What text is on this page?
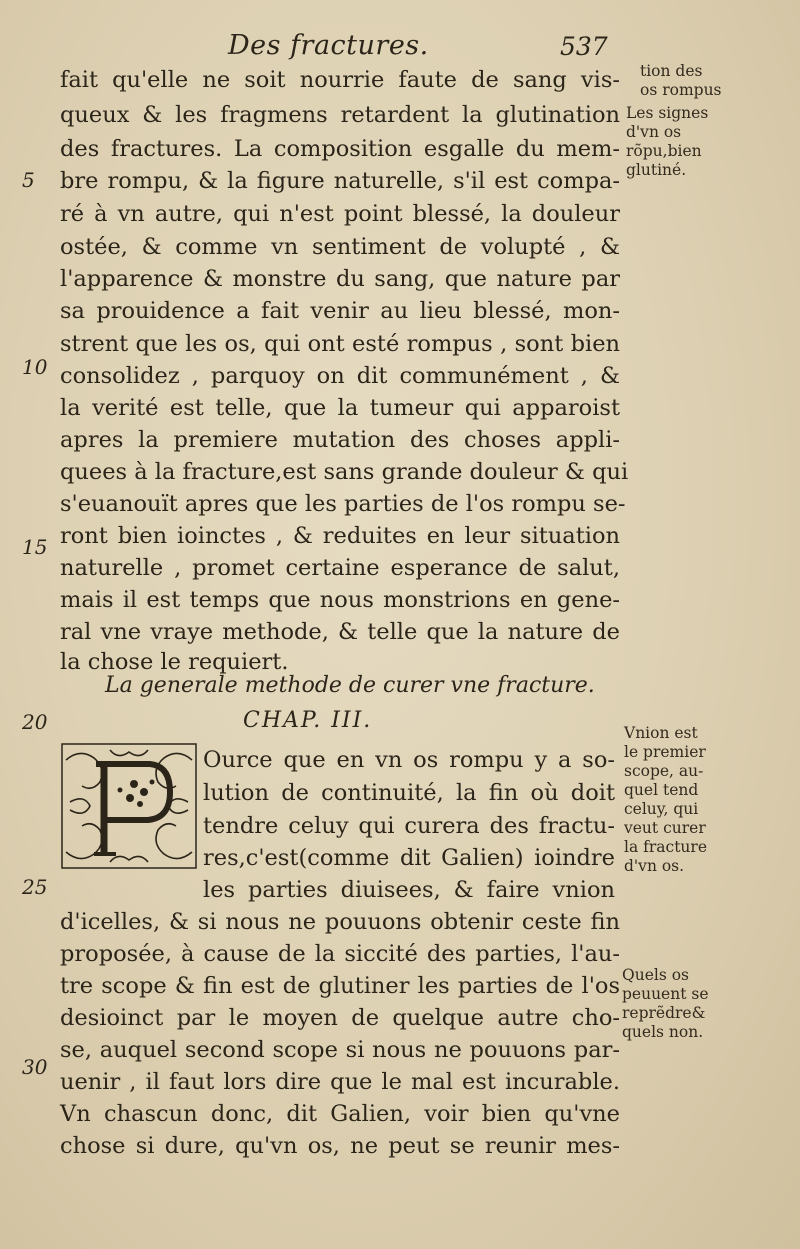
Des fractures.	537
fait qu'elle ne soit nourrie faute de sang vis-
queux & les fragmens retardent la glutination
des fractures. La composition esgalle du mem-
bre rompu, & la figure naturelle, s'il est compa-
ré à vn autre, qui n'est point blessé, la douleur
ostée, & comme vn sentiment de volupté , &
l'apparence & monstre du sang, que nature par
sa prouidence a fait venir au lieu blessé, mon-
strent que les os, qui ont esté rompus , sont bien
consolidez , parquoy on dit communément , &
la verité est telle, que la tumeur qui apparoist
apres la premiere mutation des choses appli-
quees à la fracture,est sans grande douleur & qui
s'euanouït apres que les parties de l'os rompu se-
ront bien ioinctes , & reduites en leur situation
naturelle , promet certaine esperance de salut,
mais il est temps que nous monstrions en gene-
ral vne vraye methode, & telle que la nature de
la chose le requiert.
La generale methode de curer vne fracture.
CHAP. III.
Ource que en vn os rompu y a so-
lution de continuité, la fin où doit
tendre celuy qui curera des fractu-
res,c'est(comme dit Galien) ioindre
les parties diuisees, & faire vnion
d'icelles, & si nous ne pouuons obtenir ceste fin
proposée, à cause de la siccité des parties, l'au-
tre scope & fin est de glutiner les parties de l'os
desioinct par le moyen de quelque autre cho-
se, auquel second scope si nous ne pouuons par-
uenir , il faut lors dire que le mal est incurable.
Vn chascun donc, dit Galien, voir bien qu'vne
chose si dure, qu'vn os, ne peut se reunir mes-
tion des
os rompus
Les signes
d'vn os
rõpu,bien
glutiné.
Vnion est
le premier
scope, au-
quel tend
celuy, qui
veut curer
la fracture
d'vn os.
Quels os
peuuent se
reprẽdre&
quels non.
5
10
15
20
25
30
